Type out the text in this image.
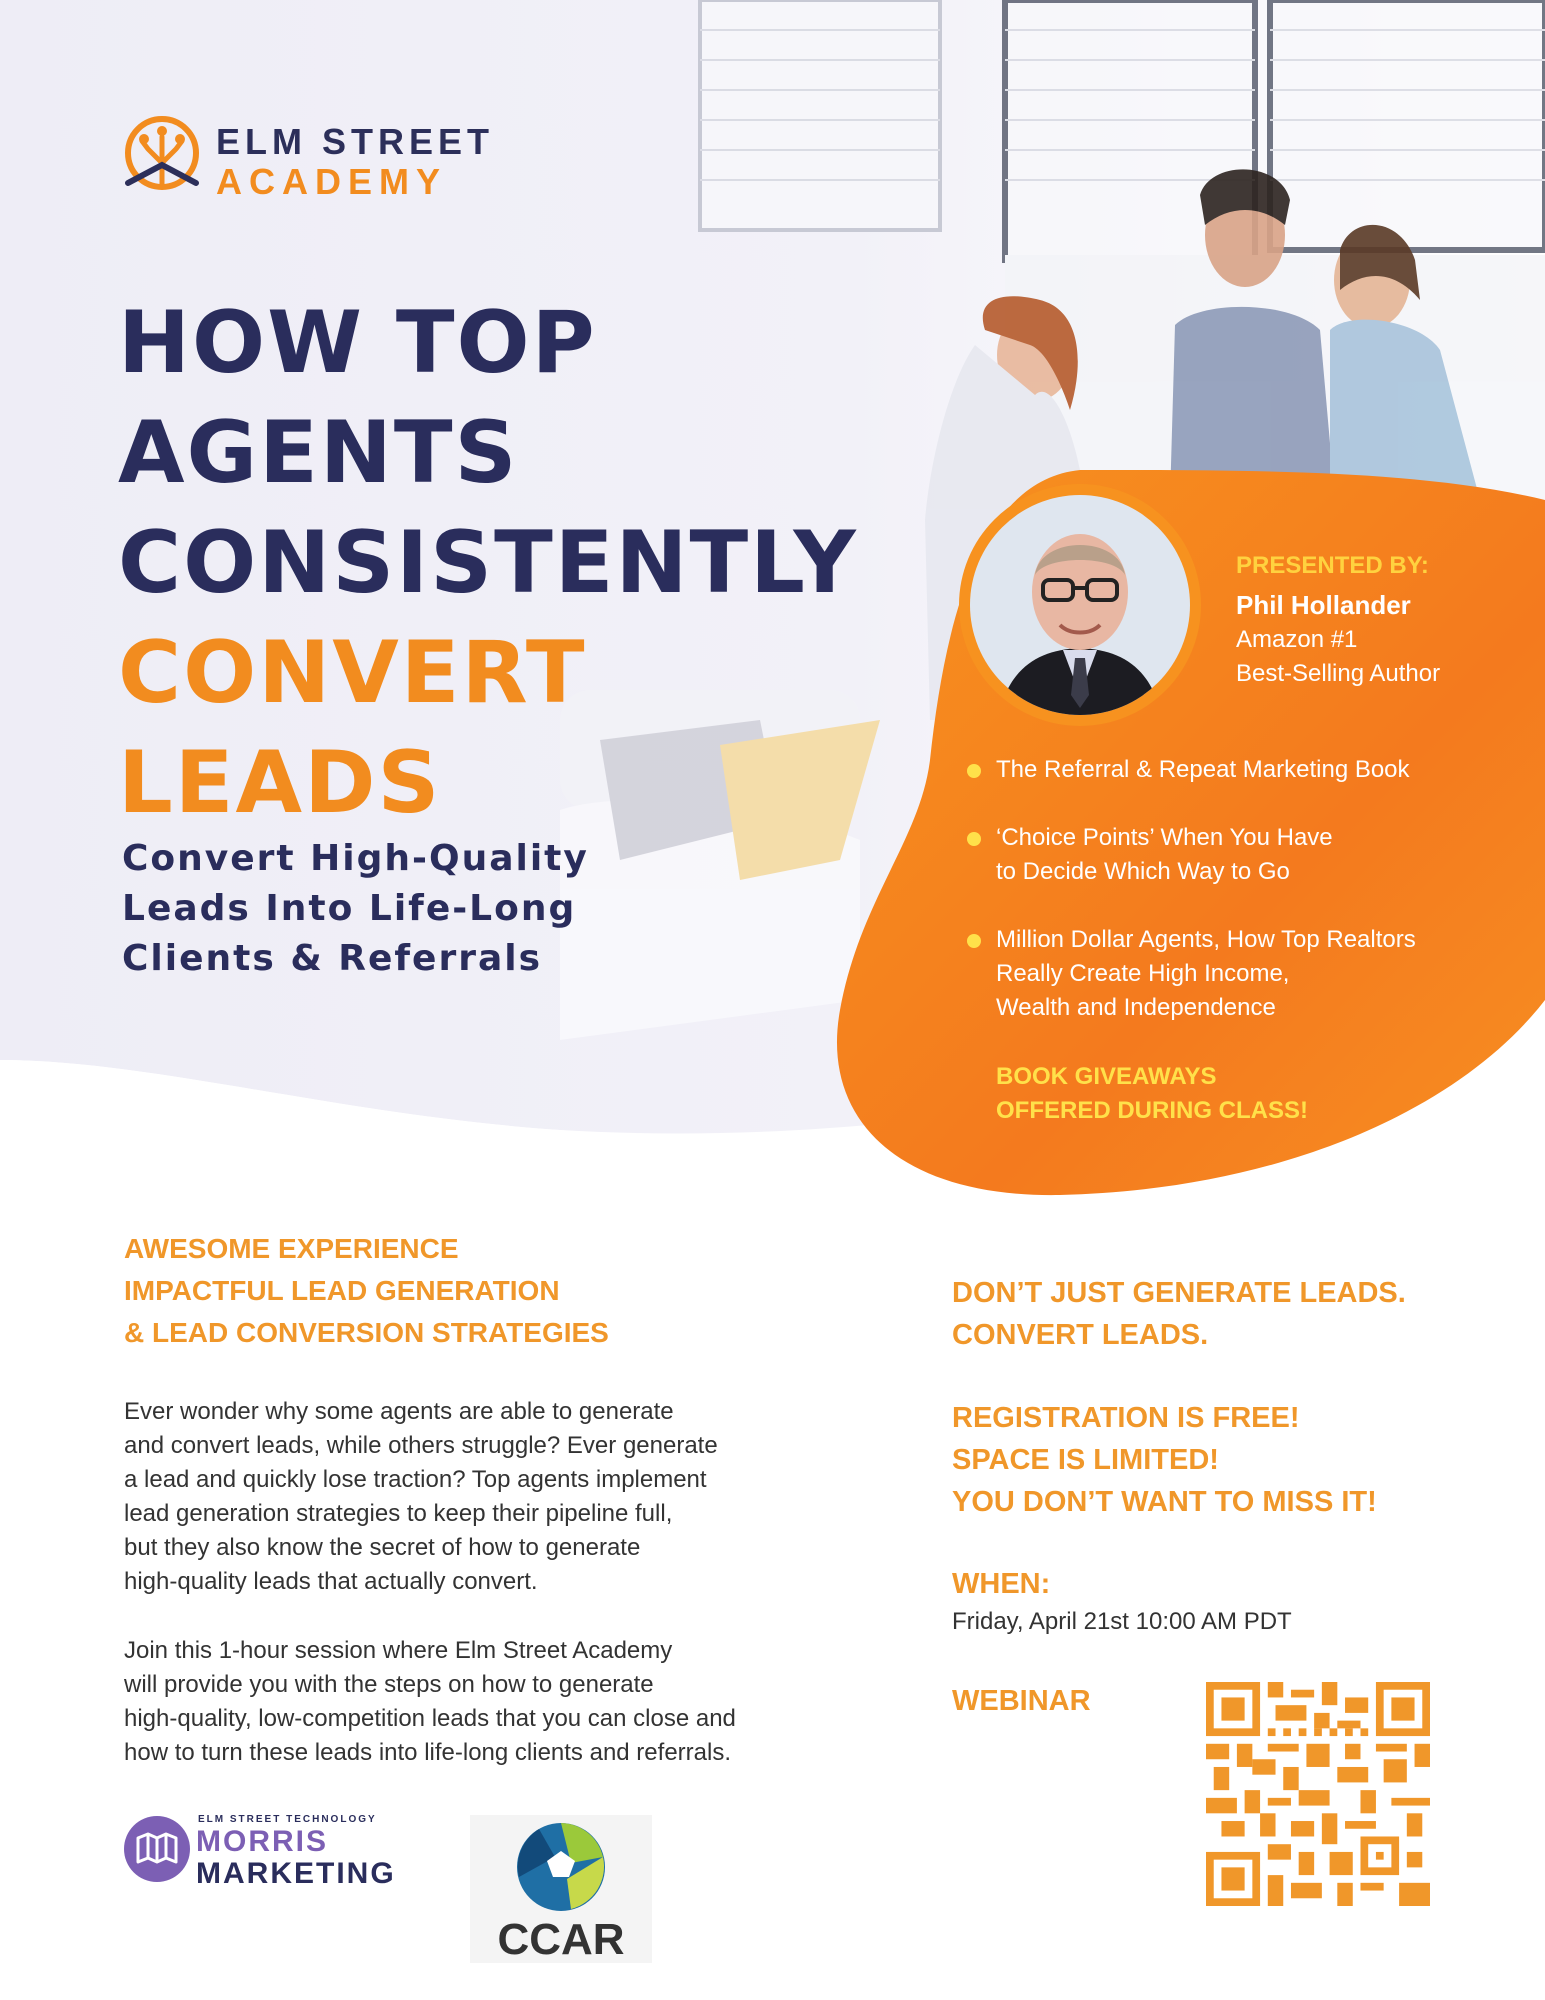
ELM STREET
ACADEMY
HOW TOP
AGENTS
CONSISTENTLY
CONVERT
LEADS
Convert High-Quality
Leads Into Life-Long
Clients & Referrals
PRESENTED BY:
Phil Hollander
Amazon #1
Best-Selling Author
The Referral & Repeat Marketing Book
‘Choice Points’ When You Have
to Decide Which Way to Go
Million Dollar Agents, How Top Realtors
Really Create High Income,
Wealth and Independence
BOOK GIVEAWAYS
OFFERED DURING CLASS!
AWESOME EXPERIENCE
IMPACTFUL LEAD GENERATION
& LEAD CONVERSION STRATEGIES
Ever wonder why some agents are able to generate
and convert leads, while others struggle? Ever generate
a lead and quickly lose traction? Top agents implement
lead generation strategies to keep their pipeline full,
but they also know the secret of how to generate
high-quality leads that actually convert.
Join this 1-hour session where Elm Street Academy
will provide you with the steps on how to generate
high-quality, low-competition leads that you can close and
how to turn these leads into life-long clients and referrals.
DON’T JUST GENERATE LEADS.
CONVERT LEADS.
REGISTRATION IS FREE!
SPACE IS LIMITED!
YOU DON’T WANT TO MISS IT!
WHEN:
Friday, April 21st 10:00 AM PDT
WEBINAR
ELM STREET TECHNOLOGY
MORRIS
MARKETING
CCAR
